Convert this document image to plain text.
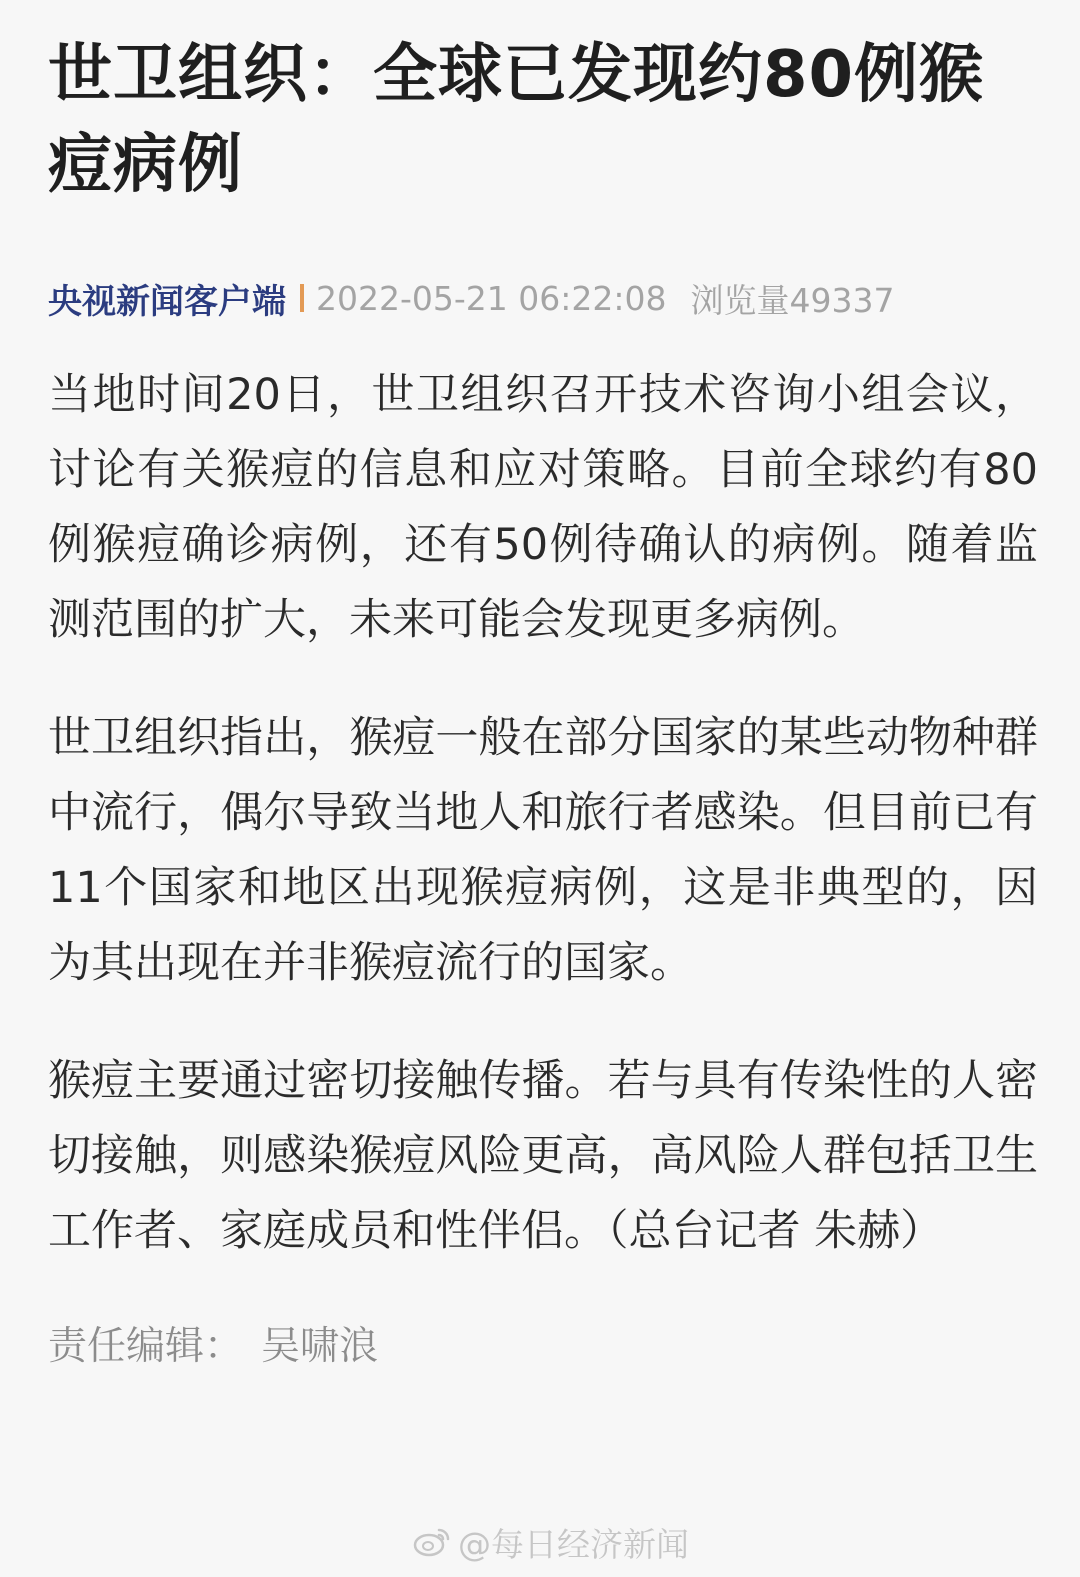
世卫组织：全球已发现约80例猴痘病例
央视新闻客户端 2022-05-21 06:22:08 浏览量49337

当地时间20日，世卫组织召开技术咨询小组会议，讨论有关猴痘的信息和应对策略。目前全球约有80例猴痘确诊病例，还有50例待确认的病例。随着监测范围的扩大，未来可能会发现更多病例。

世卫组织指出，猴痘一般在部分国家的某些动物种群中流行，偶尔导致当地人和旅行者感染。但目前已有11个国家和地区出现猴痘病例，这是非典型的，因为其出现在并非猴痘流行的国家。

猴痘主要通过密切接触传播。若与具有传染性的人密切接触，则感染猴痘风险更高，高风险人群包括卫生工作者、家庭成员和性伴侣。（总台记者 朱赫）

责任编辑： 吴啸浪
@每日经济新闻
